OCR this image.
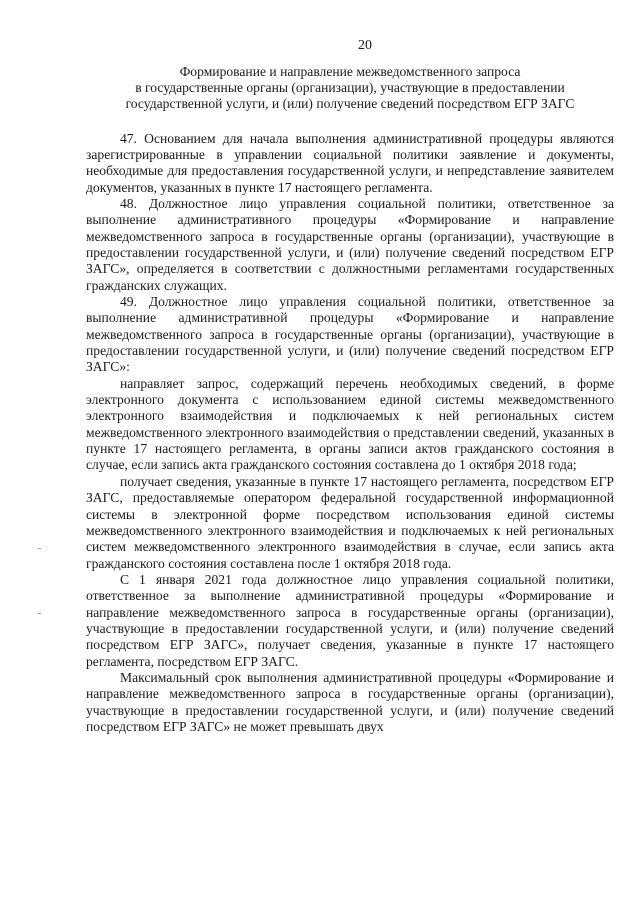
20
Формирование и направление межведомственного запроса
в государственные органы (организации), участвующие в предоставлении
государственной услуги, и (или) получение сведений посредством ЕГР ЗАГС

47. Основанием для начала выполнения административной процедуры являются зарегистрированные в управлении социальной политики заявление и документы, необходимые для предоставления государственной услуги, и непредставление заявителем документов, указанных в пункте 17 настоящего регламента.

48. Должностное лицо управления социальной политики, ответственное за выполнение административного процедуры «Формирование и направление межведомственного запроса в государственные органы (организации), участвующие в предоставлении государственной услуги, и (или) получение сведений посредством ЕГР ЗАГС», определяется в соответствии с должностными регламентами государственных гражданских служащих.

49. Должностное лицо управления социальной политики, ответственное за выполнение административной процедуры «Формирование и направление межведомственного запроса в государственные органы (организации), участвующие в предоставлении государственной услуги, и (или) получение сведений посредством ЕГР ЗАГС»:

направляет запрос, содержащий перечень необходимых сведений, в форме электронного документа с использованием единой системы межведомственного электронного взаимодействия и подключаемых к ней региональных систем межведомственного электронного взаимодействия о представлении сведений, указанных в пункте 17 настоящего регламента, в органы записи актов гражданского состояния в случае, если запись акта гражданского состояния составлена до 1 октября 2018 года;

получает сведения, указанные в пункте 17 настоящего регламента, посредством ЕГР ЗАГС, предоставляемые оператором федеральной государственной информационной системы в электронной форме посредством использования единой системы межведомственного электронного взаимодействия и подключаемых к ней региональных систем межведомственного электронного взаимодействия в случае, если запись акта гражданского состояния составлена после 1 октября 2018 года.

С 1 января 2021 года должностное лицо управления социальной политики, ответственное за выполнение административной процедуры «Формирование и направление межведомственного запроса в государственные органы (организации), участвующие в предоставлении государственной услуги, и (или) получение сведений посредством ЕГР ЗАГС», получает сведения, указанные в пункте 17 настоящего регламента, посредством ЕГР ЗАГС.

Максимальный срок выполнения административной процедуры «Формирование и направление межведомственного запроса в государственные органы (организации), участвующие в предоставлении государственной услуги, и (или) получение сведений посредством ЕГР ЗАГС» не может превышать двух
